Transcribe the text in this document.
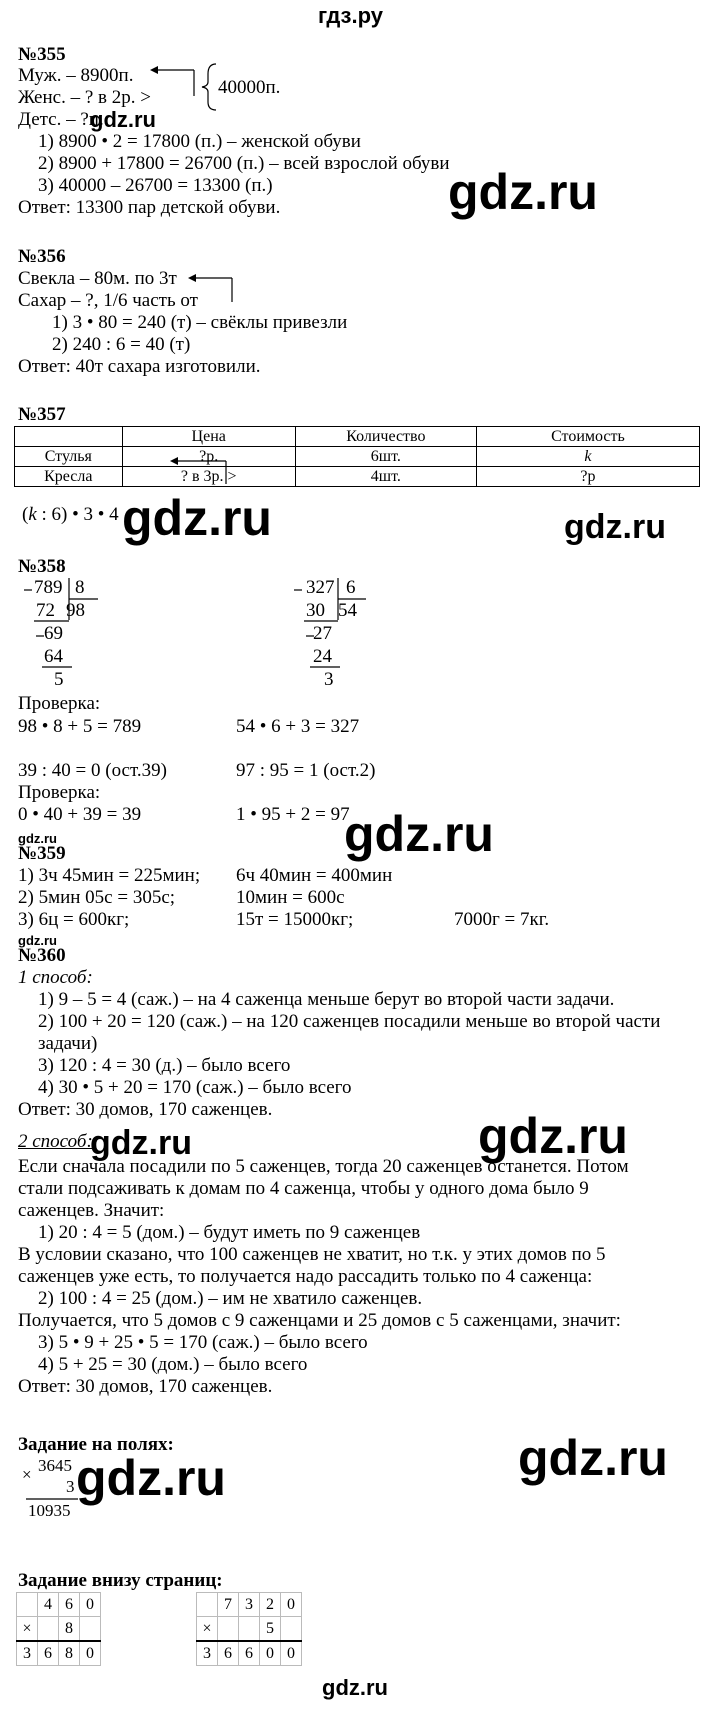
гдз.ру
№355
Муж. – 8900п.
Женс. – ? в 2р. >
Детс. – ?п.
gdz.ru
40000п.
1) 8900 • 2 = 17800 (п.) – женской обуви
2) 8900 + 17800 = 26700 (п.) – всей взрослой обуви
3) 40000 – 26700 = 13300 (п.)
Ответ: 13300 пар детской обуви.	gdz.ru
№356
Свекла – 80м. по 3т
Сахар – ?, 1/6 часть от
1) 3 • 80 = 240 (т) – свёклы привезли
2) 240 : 6 = 40 (т)
Ответ: 40т сахара изготовили.
№357
	Цена	Количество	Стоимость
Стулья	?р.	6шт.	k
Кресла	? в 3р. >	4шт.	?р
(k : 6) • 3 • 4 gdz.ru	gdz.ru
№358
789 8
98
72
69
64
5
327 6
54
30
27
24
3
Проверка:
98 • 8 + 5 = 789	54 • 6 + 3 = 327
39 : 40 = 0 (ост.39)	97 : 95 = 1 (ост.2)
Проверка:
0 • 40 + 39 = 39	1 • 95 + 2 = 97
gdz.ru
gdz.ru
№359
1) 3ч 45мин = 225мин; 6ч 40мин = 400мин
2) 5мин 05с = 305с;	10мин = 600с
3) 6ц = 600кг;	15т = 15000кг;	7000г = 7кг.
gdz.ru
№360
1 способ:
1) 9 – 5 = 4 (саж.) – на 4 саженца меньше берут во второй части задачи.
2) 100 + 20 = 120 (саж.) – на 120 саженцев посадили меньше во второй части
задачи)
3) 120 : 4 = 30 (д.) – было всего
4) 30 • 5 + 20 = 170 (саж.) – было всего
Ответ: 30 домов, 170 саженцев.
2 способ:
gdz.ru	gdz.ru
Если сначала посадили по 5 саженцев, тогда 20 саженцев останется. Потом
стали подсаживать к домам по 4 саженца, чтобы у одного дома было 9
саженцев. Значит:
1) 20 : 4 = 5 (дом.) – будут иметь по 9 саженцев
В условии сказано, что 100 саженцев не хватит, но т.к. у этих домов по 5
саженцев уже есть, то получается надо рассадить только по 4 саженца:
2) 100 : 4 = 25 (дом.) – им не хватило саженцев.
Получается, что 5 домов с 9 саженцами и 25 домов с 5 саженцами, значит:
3) 5 • 9 + 25 • 5 = 170 (саж.) – было всего
4) 5 + 25 = 30 (дом.) – было всего
Ответ: 30 домов, 170 саженцев.
Задание на полях:	gdz.ru
3645
×
3
10935
gdz.ru
Задание внизу страниц:
	4	6	0
×		8	
3	6	8	0
	7	3	2	0
×			5	
3	6	6	0	0
gdz.ru
